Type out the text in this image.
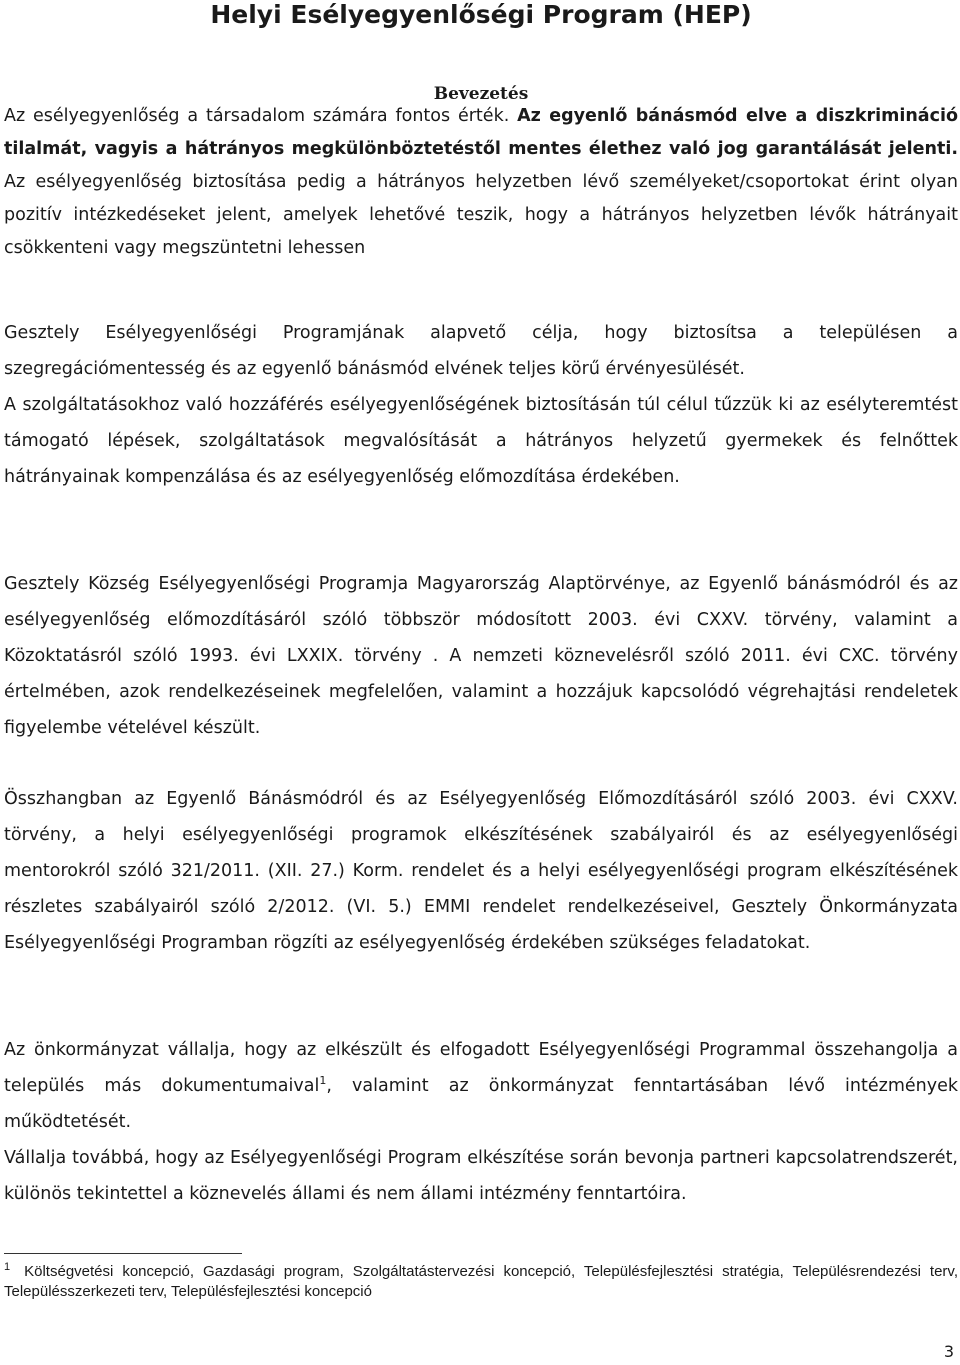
Helyi Esélyegyenlőségi Program (HEP)
Bevezetés

Az esélyegyenlőség a társadalom számára fontos érték. Az egyenlő bánásmód elve a diszkrimináció tilalmát, vagyis a hátrányos megkülönböztetéstől mentes élethez való jog garantálását jelenti. Az esélyegyenlőség biztosítása pedig a hátrányos helyzetben lévő személyeket/csoportokat érint olyan pozitív intézkedéseket jelent, amelyek lehetővé teszik, hogy a hátrányos helyzetben lévők hátrányait csökkenteni vagy megszüntetni lehessen

Gesztely Esélyegyenlőségi Programjának alapvető célja, hogy biztosítsa a településen a szegregációmentesség és az egyenlő bánásmód elvének teljes körű érvényesülését.

A szolgáltatásokhoz való hozzáférés esélyegyenlőségének biztosításán túl célul tűzzük ki az esélyteremtést támogató lépések, szolgáltatások megvalósítását a hátrányos helyzetű gyermekek és felnőttek hátrányainak kompenzálása és az esélyegyenlőség előmozdítása érdekében.

Gesztely Község Esélyegyenlőségi Programja Magyarország Alaptörvénye, az Egyenlő bánásmódról és az esélyegyenlőség előmozdításáról szóló többször módosított 2003. évi CXXV. törvény, valamint a Közoktatásról szóló 1993. évi LXXIX. törvény . A nemzeti köznevelésről szóló 2011. évi CXC. törvény értelmében, azok rendelkezéseinek megfelelően, valamint a hozzájuk kapcsolódó végrehajtási rendeletek figyelembe vételével készült.

Összhangban az Egyenlő Bánásmódról és az Esélyegyenlőség Előmozdításáról szóló 2003. évi CXXV. törvény, a helyi esélyegyenlőségi programok elkészítésének szabályairól és az esélyegyenlőségi mentorokról szóló 321/2011. (XII. 27.) Korm. rendelet és a helyi esélyegyenlőségi program elkészítésének részletes szabályairól szóló 2/2012. (VI. 5.) EMMI rendelet rendelkezéseivel, Gesztely Önkormányzata Esélyegyenlőségi Programban rögzíti az esélyegyenlőség érdekében szükséges feladatokat.

Az önkormányzat vállalja, hogy az elkészült és elfogadott Esélyegyenlőségi Programmal összehangolja a település más dokumentumaival$^1$, valamint az önkormányzat fenntartásában lévő intézmények működtetését.

Vállalja továbbá, hogy az Esélyegyenlőségi Program elkészítése során bevonja partneri kapcsolatrendszerét, különös tekintettel a köznevelés állami és nem állami intézmény fenntartóira.

$^1$ Költségvetési koncepció, Gazdasági program, Szolgáltatástervezési koncepció, Településfejlesztési stratégia, Településrendezési terv, Településszerkezeti terv, Településfejlesztési koncepció

3
